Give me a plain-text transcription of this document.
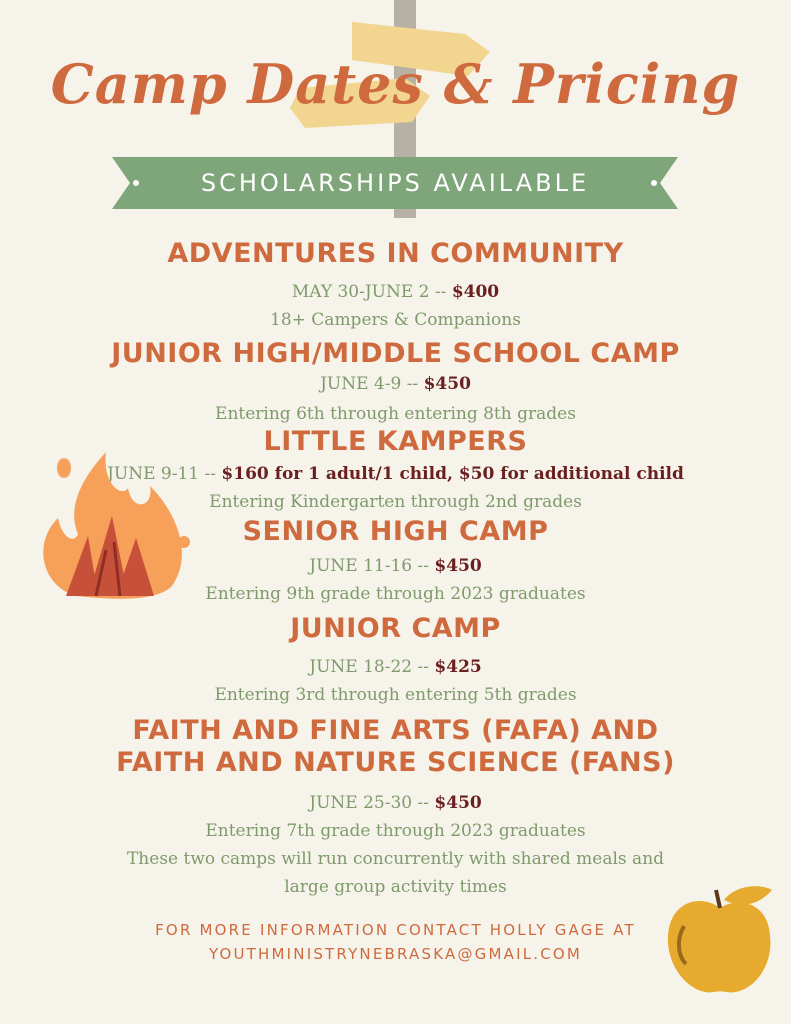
Camp Dates & Pricing
SCHOLARSHIPS AVAILABLE

ADVENTURES IN COMMUNITY

MAY 30-JUNE 2 -- $400

18+ Campers & Companions

JUNIOR HIGH/MIDDLE SCHOOL CAMP

JUNE 4-9 -- $450

Entering 6th through entering 8th grades

LITTLE KAMPERS

JUNE 9-11 -- $160 for 1 adult/1 child, $50 for additional child

Entering Kindergarten through 2nd grades

SENIOR HIGH CAMP

JUNE 11-16 -- $450

Entering 9th grade through 2023 graduates

JUNIOR CAMP

JUNE 18-22 -- $425

Entering 3rd through entering 5th grades

FAITH AND FINE ARTS (FAFA) AND

FAITH AND NATURE SCIENCE (FANS)

JUNE 25-30 -- $450

Entering 7th grade through 2023 graduates

These two camps will run concurrently with shared meals and

large group activity times

FOR MORE INFORMATION CONTACT HOLLY GAGE AT
YOUTHMINISTRYNEBRASKA@GMAIL.COM
